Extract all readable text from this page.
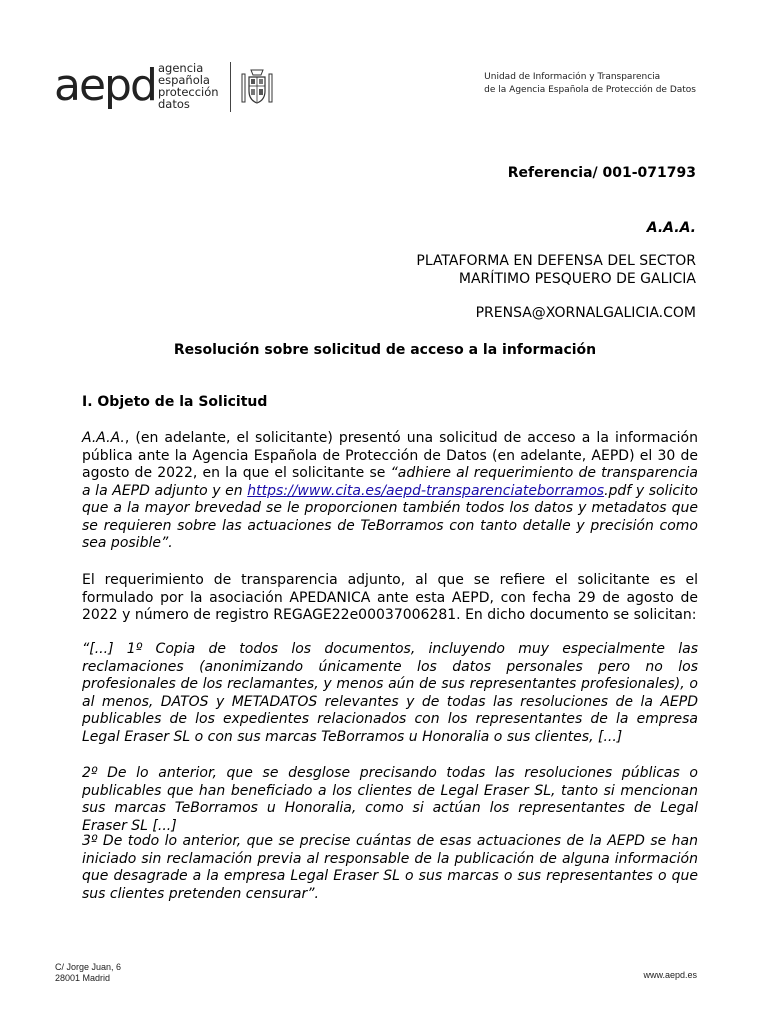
aepd agencia
española
protección
datos
Unidad de Información y Transparencia
de la Agencia Española de Protección de Datos
Referencia/ 001-071793
A.A.A.
PLATAFORMA EN DEFENSA DEL SECTOR
MARÍTIMO PESQUERO DE GALICIA
PRENSA@XORNALGALICIA.COM
Resolución sobre solicitud de acceso a la información
I. Objeto de la Solicitud
A.A.A., (en adelante, el solicitante) presentó una solicitud de acceso a la información pública ante la Agencia Española de Protección de Datos (en adelante, AEPD) el 30 de agosto de 2022, en la que el solicitante se “adhiere al requerimiento de transparencia a la AEPD adjunto y en https://www.cita.es/aepd-transparenciateborramos.pdf y solicito que a la mayor brevedad se le proporcionen también todos los datos y metadatos que se requieren sobre las actuaciones de TeBorramos con tanto detalle y precisión como sea posible”.
El requerimiento de transparencia adjunto, al que se refiere el solicitante es el formulado por la asociación APEDANICA ante esta AEPD, con fecha 29 de agosto de 2022 y número de registro REGAGE22e00037006281. En dicho documento se solicitan:
“[...] 1º Copia de todos los documentos, incluyendo muy especialmente las reclamaciones (anonimizando únicamente los datos personales pero no los profesionales de los reclamantes, y menos aún de sus representantes profesionales), o al menos, DATOS y METADATOS relevantes y de todas las resoluciones de la AEPD publicables de los expedientes relacionados con los representantes de la empresa Legal Eraser SL o con sus marcas TeBorramos u Honoralia o sus clientes, [...]
2º De lo anterior, que se desglose precisando todas las resoluciones públicas o publicables que han beneficiado a los clientes de Legal Eraser SL, tanto si mencionan sus marcas TeBorramos u Honoralia, como si actúan los representantes de Legal Eraser SL [...]
3º De todo lo anterior, que se precise cuántas de esas actuaciones de la AEPD se han iniciado sin reclamación previa al responsable de la publicación de alguna información que desagrade a la empresa Legal Eraser SL o sus marcas o sus representantes o que sus clientes pretenden censurar”.
C/ Jorge Juan, 6
28001 Madrid	www.aepd.es
